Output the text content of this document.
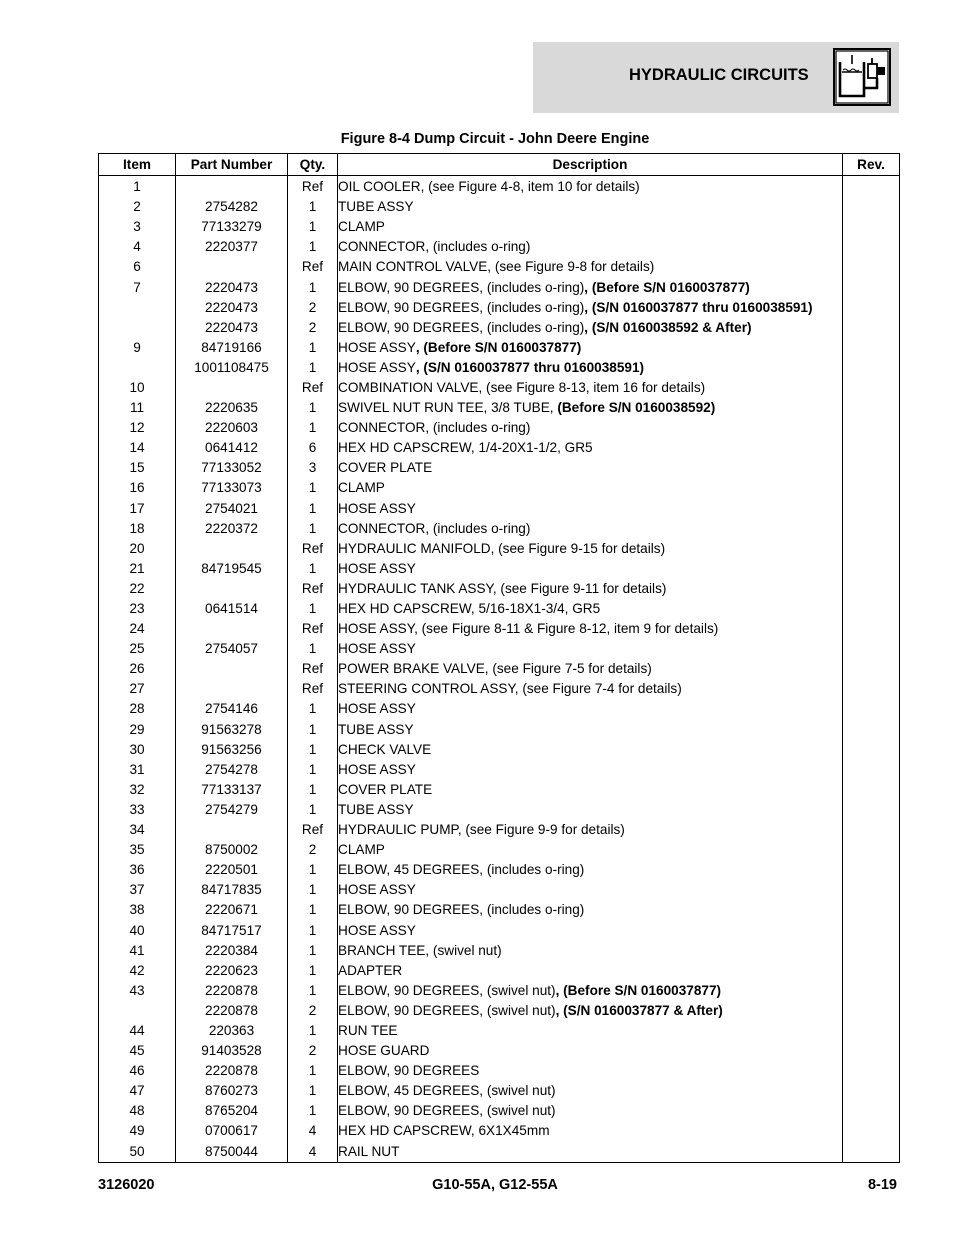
HYDRAULIC CIRCUITS
Figure 8-4 Dump Circuit - John Deere Engine
Item	Part Number	Qty.	Description	Rev.
1		Ref	OIL COOLER, (see Figure 4-8, item 10 for details)	
2	2754282	1	TUBE ASSY	
3	77133279	1	CLAMP	
4	2220377	1	CONNECTOR, (includes o-ring)	
6		Ref	MAIN CONTROL VALVE, (see Figure 9-8 for details)	
7	2220473	1	ELBOW, 90 DEGREES, (includes o-ring), (Before S/N 0160037877)	
	2220473	2	ELBOW, 90 DEGREES, (includes o-ring), (S/N 0160037877 thru 0160038591)	
	2220473	2	ELBOW, 90 DEGREES, (includes o-ring), (S/N 0160038592 & After)	
9	84719166	1	HOSE ASSY, (Before S/N 0160037877)	
	1001108475	1	HOSE ASSY, (S/N 0160037877 thru 0160038591)	
10		Ref	COMBINATION VALVE, (see Figure 8-13, item 16 for details)	
11	2220635	1	SWIVEL NUT RUN TEE, 3/8 TUBE, (Before S/N 0160038592)	
12	2220603	1	CONNECTOR, (includes o-ring)	
14	0641412	6	HEX HD CAPSCREW, 1/4-20X1-1/2, GR5	
15	77133052	3	COVER PLATE	
16	77133073	1	CLAMP	
17	2754021	1	HOSE ASSY	
18	2220372	1	CONNECTOR, (includes o-ring)	
20		Ref	HYDRAULIC MANIFOLD, (see Figure 9-15 for details)	
21	84719545	1	HOSE ASSY	
22		Ref	HYDRAULIC TANK ASSY, (see Figure 9-11 for details)	
23	0641514	1	HEX HD CAPSCREW, 5/16-18X1-3/4, GR5	
24		Ref	HOSE ASSY, (see Figure 8-11 & Figure 8-12, item 9 for details)	
25	2754057	1	HOSE ASSY	
26		Ref	POWER BRAKE VALVE, (see Figure 7-5 for details)	
27		Ref	STEERING CONTROL ASSY, (see Figure 7-4 for details)	
28	2754146	1	HOSE ASSY	
29	91563278	1	TUBE ASSY	
30	91563256	1	CHECK VALVE	
31	2754278	1	HOSE ASSY	
32	77133137	1	COVER PLATE	
33	2754279	1	TUBE ASSY	
34		Ref	HYDRAULIC PUMP, (see Figure 9-9 for details)	
35	8750002	2	CLAMP	
36	2220501	1	ELBOW, 45 DEGREES, (includes o-ring)	
37	84717835	1	HOSE ASSY	
38	2220671	1	ELBOW, 90 DEGREES, (includes o-ring)	
40	84717517	1	HOSE ASSY	
41	2220384	1	BRANCH TEE, (swivel nut)	
42	2220623	1	ADAPTER	
43	2220878	1	ELBOW, 90 DEGREES, (swivel nut), (Before S/N 0160037877)	
	2220878	2	ELBOW, 90 DEGREES, (swivel nut), (S/N 0160037877 & After)	
44	220363	1	RUN TEE	
45	91403528	2	HOSE GUARD	
46	2220878	1	ELBOW, 90 DEGREES	
47	8760273	1	ELBOW, 45 DEGREES, (swivel nut)	
48	8765204	1	ELBOW, 90 DEGREES, (swivel nut)	
49	0700617	4	HEX HD CAPSCREW, 6X1X45mm	
50	8750044	4	RAIL NUT	
3126020	G10-55A, G12-55A	8-19
